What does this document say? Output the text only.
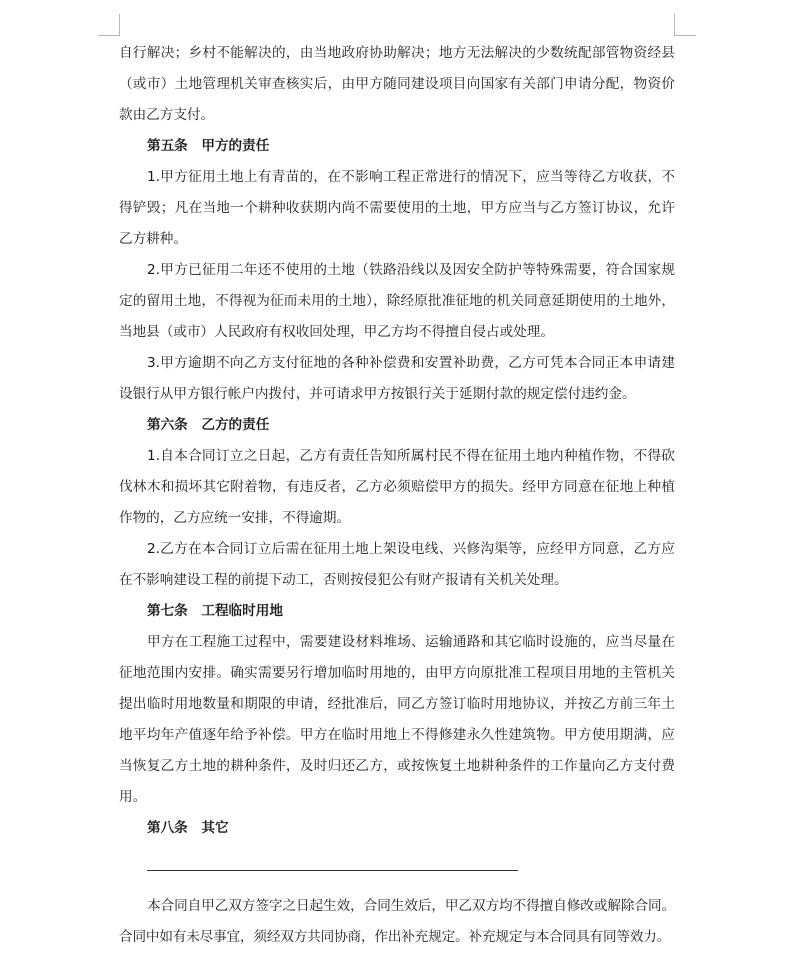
自行解决；乡村不能解决的，由当地政府协助解决；地方无法解决的少数统配部管物资经县（或市）土地管理机关审查核实后，由甲方随同建设项目向国家有关部门申请分配，物资价款由乙方支付。

第五条　甲方的责任

1.甲方征用土地上有青苗的，在不影响工程正常进行的情况下，应当等待乙方收获，不得铲毁；凡在当地一个耕种收获期内尚不需要使用的土地，甲方应当与乙方签订协议，允许乙方耕种。

2.甲方已征用二年还不使用的土地（铁路沿线以及因安全防护等特殊需要，符合国家规定的留用土地，不得视为征而未用的土地），除经原批准征地的机关同意延期使用的土地外，当地县（或市）人民政府有权收回处理，甲乙方均不得擅自侵占或处理。

3.甲方逾期不向乙方支付征地的各种补偿费和安置补助费，乙方可凭本合同正本申请建设银行从甲方银行帐户内拨付，并可请求甲方按银行关于延期付款的规定偿付违约金。

第六条　乙方的责任

1.自本合同订立之日起，乙方有责任告知所属村民不得在征用土地内种植作物，不得砍伐林木和损坏其它附着物，有违反者，乙方必须赔偿甲方的损失。经甲方同意在征地上种植作物的，乙方应统一安排，不得逾期。

2.乙方在本合同订立后需在征用土地上架设电线、兴修沟渠等，应经甲方同意，乙方应在不影响建设工程的前提下动工，否则按侵犯公有财产报请有关机关处理。

第七条　工程临时用地

甲方在工程施工过程中，需要建设材料堆场、运输通路和其它临时设施的，应当尽量在征地范围内安排。确实需要另行增加临时用地的，由甲方向原批准工程项目用地的主管机关提出临时用地数量和期限的申请，经批准后，同乙方签订临时用地协议，并按乙方前三年土地平均年产值逐年给予补偿。甲方在临时用地上不得修建永久性建筑物。甲方使用期满，应当恢复乙方土地的耕种条件，及时归还乙方，或按恢复土地耕种条件的工作量向乙方支付费用。

第八条　其它

本合同自甲乙双方签字之日起生效，合同生效后，甲乙双方均不得擅自修改或解除合同。合同中如有未尽事宜，须经双方共同协商，作出补充规定。补充规定与本合同具有同等效力。
